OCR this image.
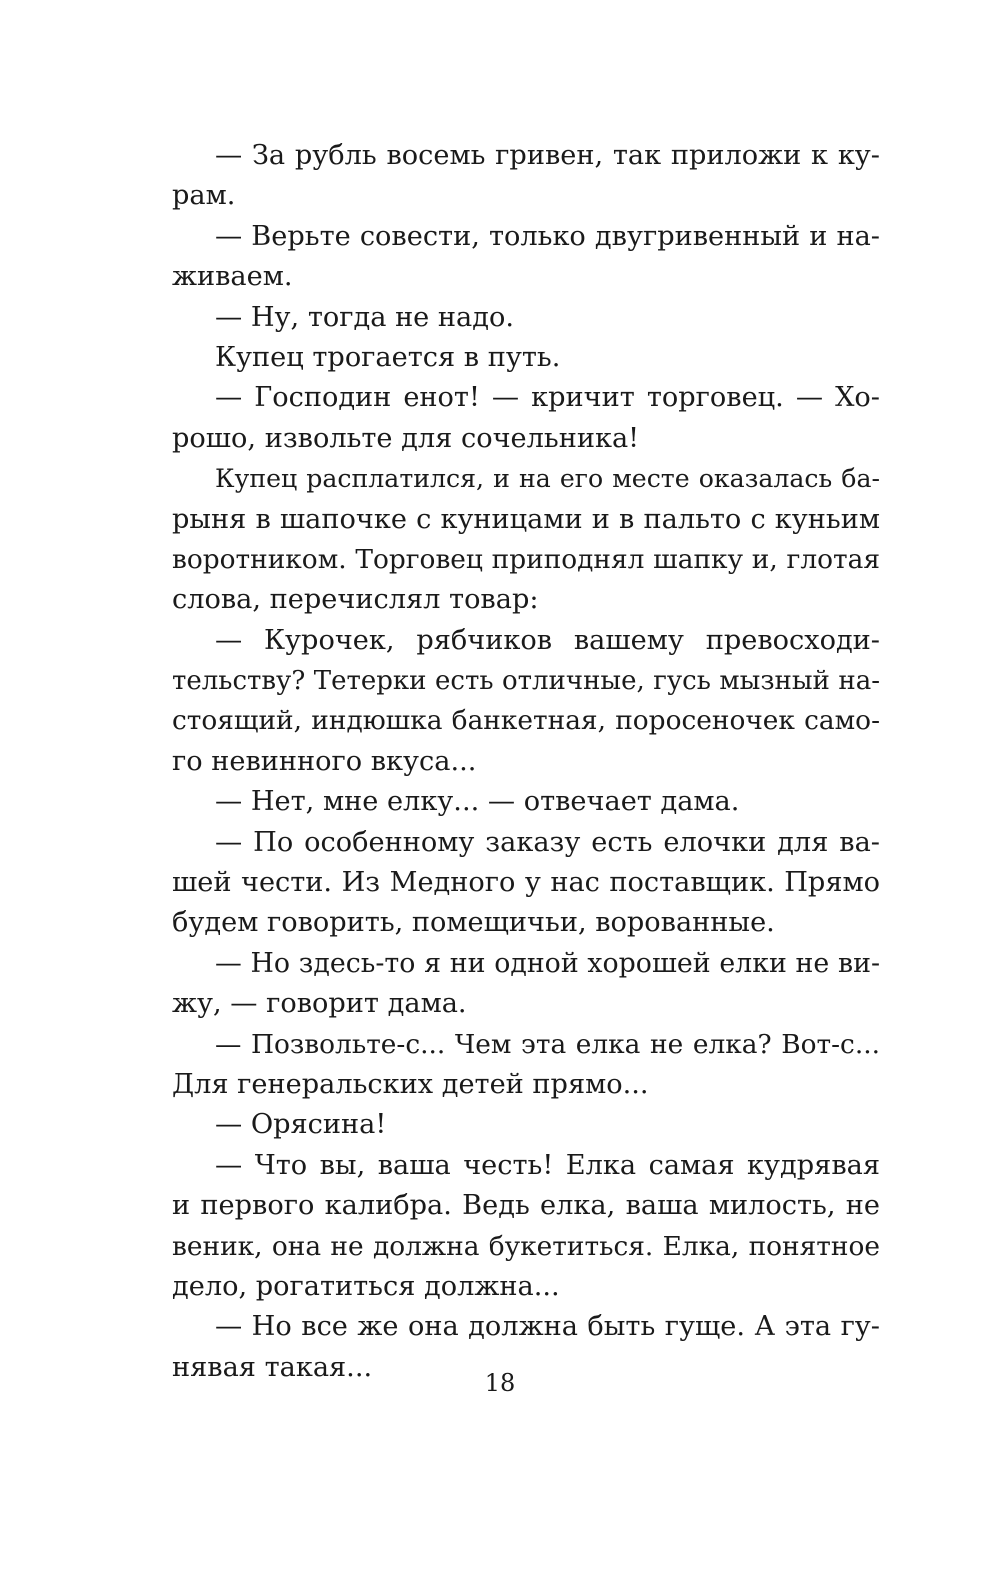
— За рубль восемь гривен, так приложи к ку-
рам.
— Верьте совести, только двугривенный и на-
живаем.
— Ну, тогда не надо.
Купец трогается в путь.
— Господин енот! — кричит торговец. — Хо-
рошо, извольте для сочельника!
Купец расплатился, и на его месте оказалась ба-
рыня в шапочке с куницами и в пальто с куньим
воротником. Торговец приподнял шапку и, глотая
слова, перечислял товар:
— Курочек, рябчиков вашему превосходи-
тельству? Тетерки есть отличные, гусь мызный на-
стоящий, индюшка банкетная, поросеночек само-
го невинного вкуса...
— Нет, мне елку... — отвечает дама.
— По особенному заказу есть елочки для ва-
шей чести. Из Медного у нас поставщик. Прямо
будем говорить, помещичьи, ворованные.
— Но здесь-то я ни одной хорошей елки не ви-
жу, — говорит дама.
— Позвольте-с... Чем эта елка не елка? Вот-с...
Для генеральских детей прямо...
— Орясина!
— Что вы, ваша честь! Елка самая кудрявая
и первого калибра. Ведь елка, ваша милость, не
веник, она не должна букетиться. Елка, понятное
дело, рогатиться должна...
— Но все же она должна быть гуще. А эта гу-
нявая такая...
18
